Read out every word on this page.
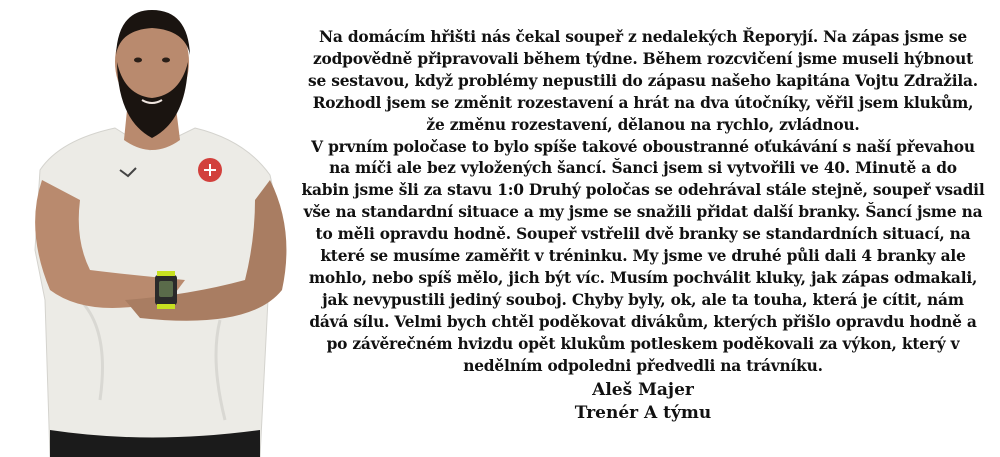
Na domácím hřišti nás čekal soupeř z nedalekých Řeporyjí. Na zápas jsme se
zodpovědně připravovali během týdne. Během rozcvičení jsme museli hýbnout
se sestavou, když problémy nepustili do zápasu našeho kapitána Vojtu Zdražila.
Rozhodl jsem se změnit rozestavení a hrát na dva útočníky, věřil jsem klukům,
že změnu rozestavení, dělanou na rychlo, zvládnou.
V prvním poločase to bylo spíše takové oboustranné oťukávání s naší převahou
na míči ale bez vyložených šancí. Šanci jsem si vytvořili ve 40. Minutě a do
kabin jsme šli za stavu 1:0 Druhý poločas se odehrával stále stejně, soupeř vsadil
vše na standardní situace a my jsme se snažili přidat další branky. Šancí jsme na
to měli opravdu hodně. Soupeř vstřelil dvě branky se standardních situací, na
které se musíme zaměřit v tréninku. My jsme ve druhé půli dali 4 branky ale
mohlo, nebo spíš mělo, jich být víc. Musím pochválit kluky, jak zápas odmakali,
jak nevypustili jediný souboj. Chyby byly, ok, ale ta touha, která je cítit, nám
dává sílu. Velmi bych chtěl poděkovat divákům, kterých přišlo opravdu hodně a
po závěrečném hvizdu opět klukům potleskem poděkovali za výkon, který v
nedělním odpoledni předvedli na trávníku.

Aleš Majer

Trenér A týmu
